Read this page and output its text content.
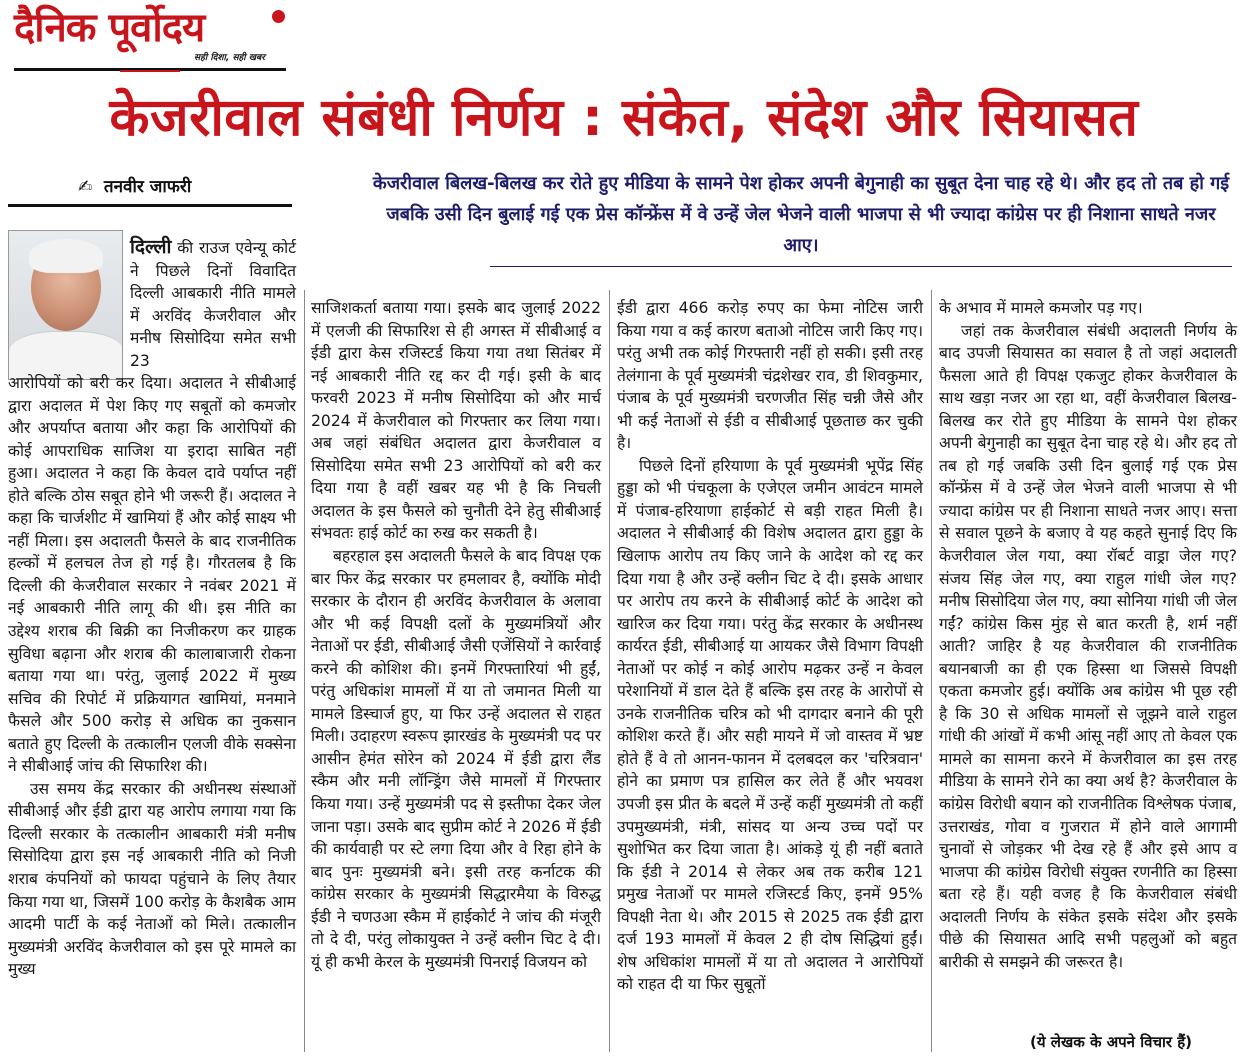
दैनिक पूर्वोदय
सही दिशा, सही खबर
केजरीवाल संबंधी निर्णय : संकेत, संदेश और सियासत
✍ तनवीर जाफरी	केजरीवाल बिलख-बिलख कर रोते हुए मीडिया के सामने पेश होकर अपनी बेगुनाही का सुबूत देना चाह रहे थे। और हद तो तब हो गई जबकि उसी दिन बुलाई गई एक प्रेस कॉन्फ्रेंस में वे उन्हें जेल भेजने वाली भाजपा से भी ज्यादा कांग्रेस पर ही निशाना साधते नजर आए।
दिल्ली की राउज एवेन्यू कोर्ट ने पिछले दिनों विवादित दिल्ली आबकारी नीति मामले में अरविंद केजरीवाल और मनीष सिसोदिया समेत सभी 23

आरोपियों को बरी कर दिया। अदालत ने सीबीआई द्वारा अदालत में पेश किए गए सबूतों को कमजोर और अपर्याप्त बताया और कहा कि आरोपियों की कोई आपराधिक साजिश या इरादा साबित नहीं हुआ। अदालत ने कहा कि केवल दावे पर्याप्त नहीं होते बल्कि ठोस सबूत होने भी जरूरी हैं। अदालत ने कहा कि चार्जशीट में खामियां हैं और कोई साक्ष्य भी नहीं मिला। इस अदालती फैसले के बाद राजनीतिक हल्कों में हलचल तेज हो गई है। गौरतलब है कि दिल्ली की केजरीवाल सरकार ने नवंबर 2021 में नई आबकारी नीति लागू की थी। इस नीति का उद्देश्य शराब की बिक्री का निजीकरण कर ग्राहक सुविधा बढ़ाना और शराब की कालाबाजारी रोकना बताया गया था। परंतु, जुलाई 2022 में मुख्य सचिव की रिपोर्ट में प्रक्रियागत खामियां, मनमाने फैसले और 500 करोड़ से अधिक का नुकसान बताते हुए दिल्ली के तत्कालीन एलजी वीके सक्सेना ने सीबीआई जांच की सिफारिश की।

उस समय केंद्र सरकार की अधीनस्थ संस्थाओं सीबीआई और ईडी द्वारा यह आरोप लगाया गया कि दिल्ली सरकार के तत्कालीन आबकारी मंत्री मनीष सिसोदिया द्वारा इस नई आबकारी नीति को निजी शराब कंपनियों को फायदा पहुंचाने के लिए तैयार किया गया था, जिसमें 100 करोड़ के कैशबैक आम आदमी पार्टी के कई नेताओं को मिले। तत्कालीन मुख्यमंत्री अरविंद केजरीवाल को इस पूरे मामले का मुख्य

साजिशकर्ता बताया गया। इसके बाद जुलाई 2022 में एलजी की सिफारिश से ही अगस्त में सीबीआई व ईडी द्वारा केस रजिस्टर्ड किया गया तथा सितंबर में नई आबकारी नीति रद्द कर दी गई। इसी के बाद फरवरी 2023 में मनीष सिसोदिया को और मार्च 2024 में केजरीवाल को गिरफ्तार कर लिया गया। अब जहां संबंधित अदालत द्वारा केजरीवाल व सिसोदिया समेत सभी 23 आरोपियों को बरी कर दिया गया है वहीं खबर यह भी है कि निचली अदालत के इस फैसले को चुनौती देने हेतु सीबीआई संभवतः हाई कोर्ट का रुख कर सकती है।

बहरहाल इस अदालती फैसले के बाद विपक्ष एक बार फिर केंद्र सरकार पर हमलावर है, क्योंकि मोदी सरकार के दौरान ही अरविंद केजरीवाल के अलावा और भी कई विपक्षी दलों के मुख्यमंत्रियों और नेताओं पर ईडी, सीबीआई जैसी एजेंसियों ने कार्रवाई करने की कोशिश की। इनमें गिरफ्तारियां भी हुईं, परंतु अधिकांश मामलों में या तो जमानत मिली या मामले डिस्चार्ज हुए, या फिर उन्हें अदालत से राहत मिली। उदाहरण स्वरूप झारखंड के मुख्यमंत्री पद पर आसीन हेमंत सोरेन को 2024 में ईडी द्वारा लैंड स्कैम और मनी लॉन्ड्रिंग जैसे मामलों में गिरफ्तार किया गया। उन्हें मुख्यमंत्री पद से इस्तीफा देकर जेल जाना पड़ा। उसके बाद सुप्रीम कोर्ट ने 2026 में ईडी की कार्यवाही पर स्टे लगा दिया और वे रिहा होने के बाद पुनः मुख्यमंत्री बने। इसी तरह कर्नाटक की कांग्रेस सरकार के मुख्यमंत्री सिद्धारमैया के विरुद्ध ईडी ने चणउआ स्कैम में हाईकोर्ट ने जांच की मंजूरी तो दे दी, परंतु लोकायुक्त ने उन्हें क्लीन चिट दे दी। यूं ही कभी केरल के मुख्यमंत्री पिनराई विजयन को

ईडी द्वारा 466 करोड़ रुपए का फेमा नोटिस जारी किया गया व कई कारण बताओ नोटिस जारी किए गए। परंतु अभी तक कोई गिरफ्तारी नहीं हो सकी। इसी तरह तेलंगाना के पूर्व मुख्यमंत्री चंद्रशेखर राव, डी शिवकुमार, पंजाब के पूर्व मुख्यमंत्री चरणजीत सिंह चन्नी जैसे और भी कई नेताओं से ईडी व सीबीआई पूछताछ कर चुकी है।

पिछले दिनों हरियाणा के पूर्व मुख्यमंत्री भूपेंद्र सिंह हुड्डा को भी पंचकूला के एजेएल जमीन आवंटन मामले में पंजाब-हरियाणा हाईकोर्ट से बड़ी राहत मिली है। अदालत ने सीबीआई की विशेष अदालत द्वारा हुड्डा के खिलाफ आरोप तय किए जाने के आदेश को रद्द कर दिया गया है और उन्हें क्लीन चिट दे दी। इसके आधार पर आरोप तय करने के सीबीआई कोर्ट के आदेश को खारिज कर दिया गया। परंतु केंद्र सरकार के अधीनस्थ कार्यरत ईडी, सीबीआई या आयकर जैसे विभाग विपक्षी नेताओं पर कोई न कोई आरोप मढ़कर उन्हें न केवल परेशानियों में डाल देते हैं बल्कि इस तरह के आरोपों से उनके राजनीतिक चरित्र को भी दागदार बनाने की पूरी कोशिश करते हैं। और सही मायने में जो वास्तव में भ्रष्ट होते हैं वे तो आनन-फानन में दलबदल कर 'चरित्रवान' होने का प्रमाण पत्र हासिल कर लेते हैं और भयवश उपजी इस प्रीत के बदले में उन्हें कहीं मुख्यमंत्री तो कहीं उपमुख्यमंत्री, मंत्री, सांसद या अन्य उच्च पदों पर सुशोभित कर दिया जाता है। आंकड़े यूं ही नहीं बताते कि ईडी ने 2014 से लेकर अब तक करीब 121 प्रमुख नेताओं पर मामले रजिस्टर्ड किए, इनमें 95% विपक्षी नेता थे। और 2015 से 2025 तक ईडी द्वारा दर्ज 193 मामलों में केवल 2 ही दोष सिद्धियां हुईं। शेष अधिकांश मामलों में या तो अदालत ने आरोपियों को राहत दी या फिर सुबूतों

के अभाव में मामले कमजोर पड़ गए।

जहां तक केजरीवाल संबंधी अदालती निर्णय के बाद उपजी सियासत का सवाल है तो जहां अदालती फैसला आते ही विपक्ष एकजुट होकर केजरीवाल के साथ खड़ा नजर आ रहा था, वहीं केजरीवाल बिलख-बिलख कर रोते हुए मीडिया के सामने पेश होकर अपनी बेगुनाही का सुबूत देना चाह रहे थे। और हद तो तब हो गई जबकि उसी दिन बुलाई गई एक प्रेस कॉन्फ्रेंस में वे उन्हें जेल भेजने वाली भाजपा से भी ज्यादा कांग्रेस पर ही निशाना साधते नजर आए। सत्ता से सवाल पूछने के बजाए वे यह कहते सुनाई दिए कि केजरीवाल जेल गया, क्या रॉबर्ट वाड्रा जेल गए? संजय सिंह जेल गए, क्या राहुल गांधी जेल गए? मनीष सिसोदिया जेल गए, क्या सोनिया गांधी जी जेल गईं? कांग्रेस किस मुंह से बात करती है, शर्म नहीं आती? जाहिर है यह केजरीवाल की राजनीतिक बयानबाजी का ही एक हिस्सा था जिससे विपक्षी एकता कमजोर हुई। क्योंकि अब कांग्रेस भी पूछ रही है कि 30 से अधिक मामलों से जूझने वाले राहुल गांधी की आंखों में कभी आंसू नहीं आए तो केवल एक मामले का सामना करने में केजरीवाल का इस तरह मीडिया के सामने रोने का क्या अर्थ है? केजरीवाल के कांग्रेस विरोधी बयान को राजनीतिक विश्लेषक पंजाब, उत्तराखंड, गोवा व गुजरात में होने वाले आगामी चुनावों से जोड़कर भी देख रहे हैं और इसे आप व भाजपा की कांग्रेस विरोधी संयुक्त रणनीति का हिस्सा बता रहे हैं। यही वजह है कि केजरीवाल संबंधी अदालती निर्णय के संकेत इसके संदेश और इसके पीछे की सियासत आदि सभी पहलुओं को बहुत बारीकी से समझने की जरूरत है।

(ये लेखक के अपने विचार हैं)
